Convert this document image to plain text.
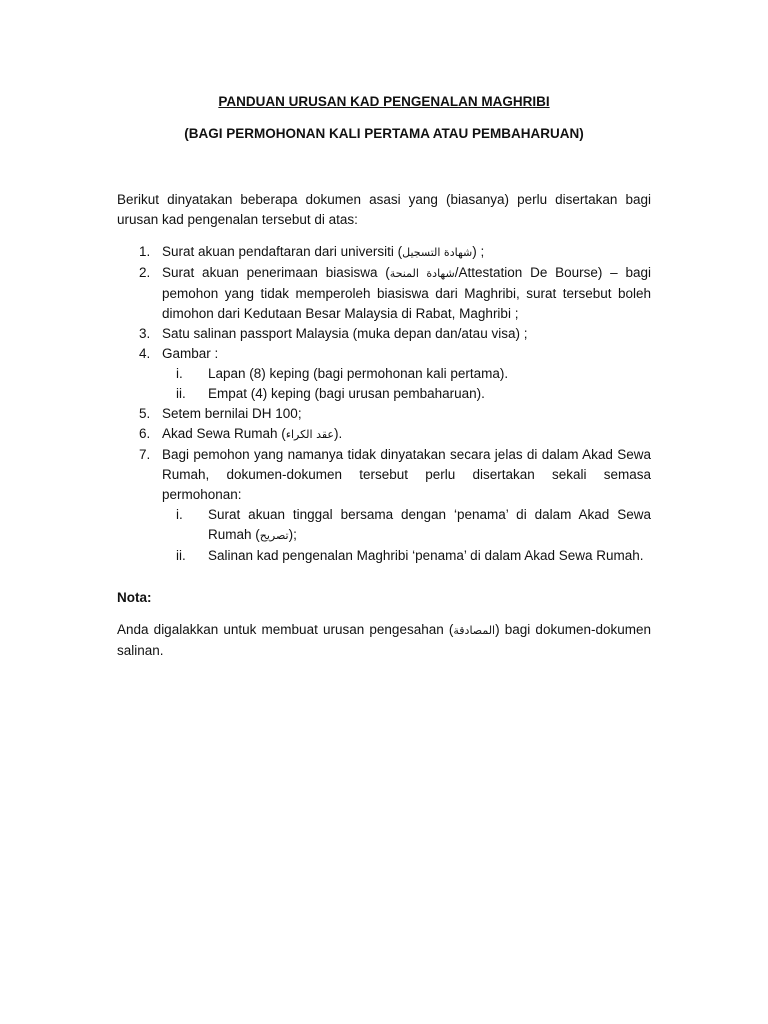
PANDUAN URUSAN KAD PENGENALAN MAGHRIBI

(BAGI PERMOHONAN KALI PERTAMA ATAU PEMBAHARUAN)

Berikut dinyatakan beberapa dokumen asasi yang (biasanya) perlu disertakan bagi urusan kad pengenalan tersebut di atas:

1. Surat akuan pendaftaran dari universiti (شهادة التسجيل) ;
2. Surat akuan penerimaan biasiswa (شهادة المنحة/Attestation De Bourse) – bagi pemohon yang tidak memperoleh biasiswa dari Maghribi, surat tersebut boleh dimohon dari Kedutaan Besar Malaysia di Rabat, Maghribi ;
3. Satu salinan passport Malaysia (muka depan dan/atau visa) ;
4. Gambar :
i. Lapan (8) keping (bagi permohonan kali pertama).
ii. Empat (4) keping (bagi urusan pembaharuan).
5. Setem bernilai DH 100;
6. Akad Sewa Rumah (عقد الكراء).
7. Bagi pemohon yang namanya tidak dinyatakan secara jelas di dalam Akad Sewa Rumah, dokumen-dokumen tersebut perlu disertakan sekali semasa permohonan:
i. Surat akuan tinggal bersama dengan ‘penama’ di dalam Akad Sewa Rumah (تصريح);
ii. Salinan kad pengenalan Maghribi ‘penama’ di dalam Akad Sewa Rumah.

Nota:

Anda digalakkan untuk membuat urusan pengesahan (المصادقة) bagi dokumen-dokumen salinan.
